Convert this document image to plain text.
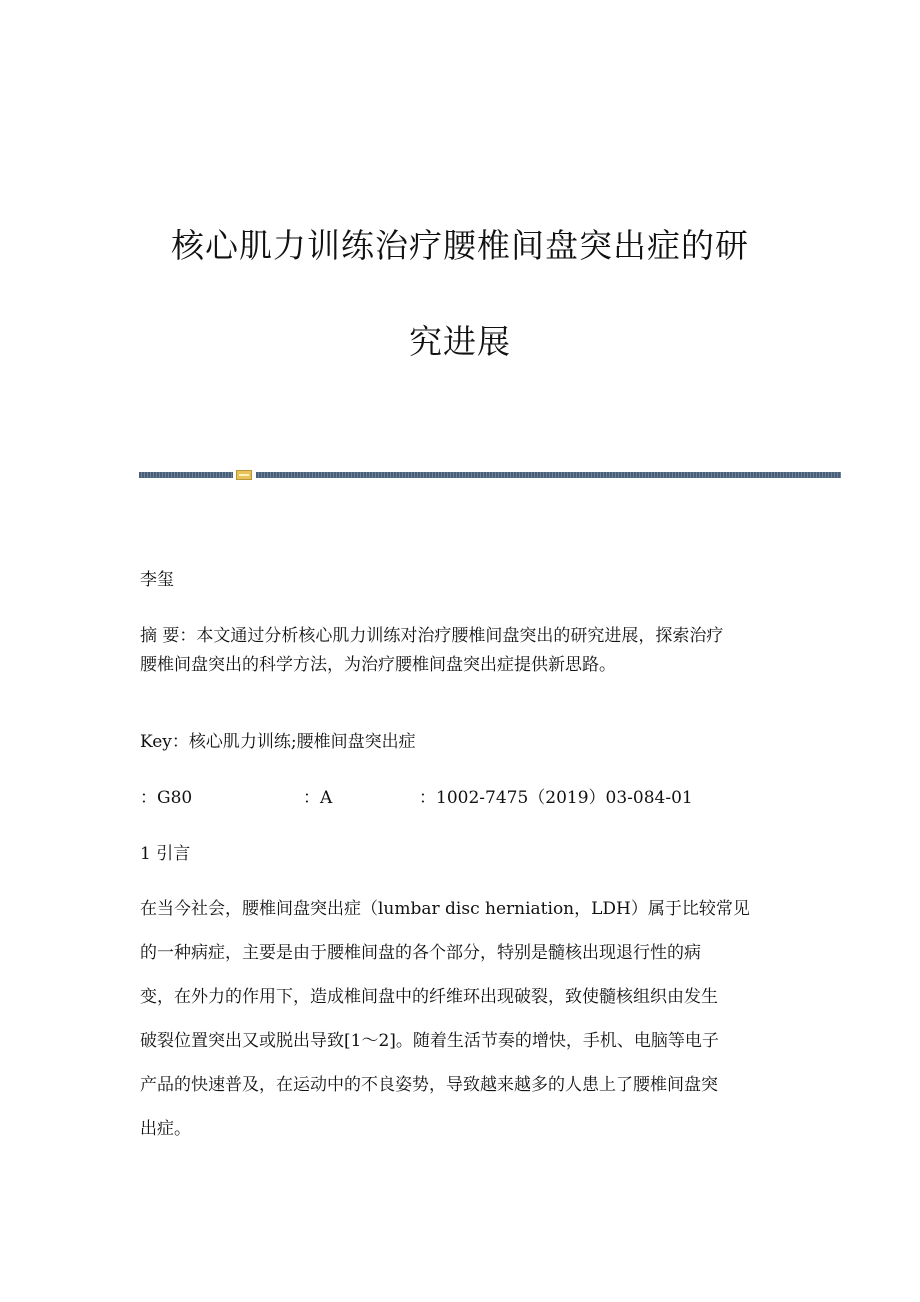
核心肌力训练治疗腰椎间盘突出症的研
究进展

李玺

摘 要：本文通过分析核心肌力训练对治疗腰椎间盘突出的研究进展，探索治疗
腰椎间盘突出的科学方法，为治疗腰椎间盘突出症提供新思路。

Key：核心肌力训练;腰椎间盘突出症

：G80	：A	：1002-7475（2019）03-084-01

1 引言

在当今社会，腰椎间盘突出症（lumbar disc herniation，LDH）属于比较常见
的一种病症，主要是由于腰椎间盘的各个部分，特别是髓核出现退行性的病
变，在外力的作用下，造成椎间盘中的纤维环出现破裂，致使髓核组织由发生
破裂位置突出又或脱出导致[1～2]。随着生活节奏的增快，手机、电脑等电子
产品的快速普及，在运动中的不良姿势，导致越来越多的人患上了腰椎间盘突
出症。
